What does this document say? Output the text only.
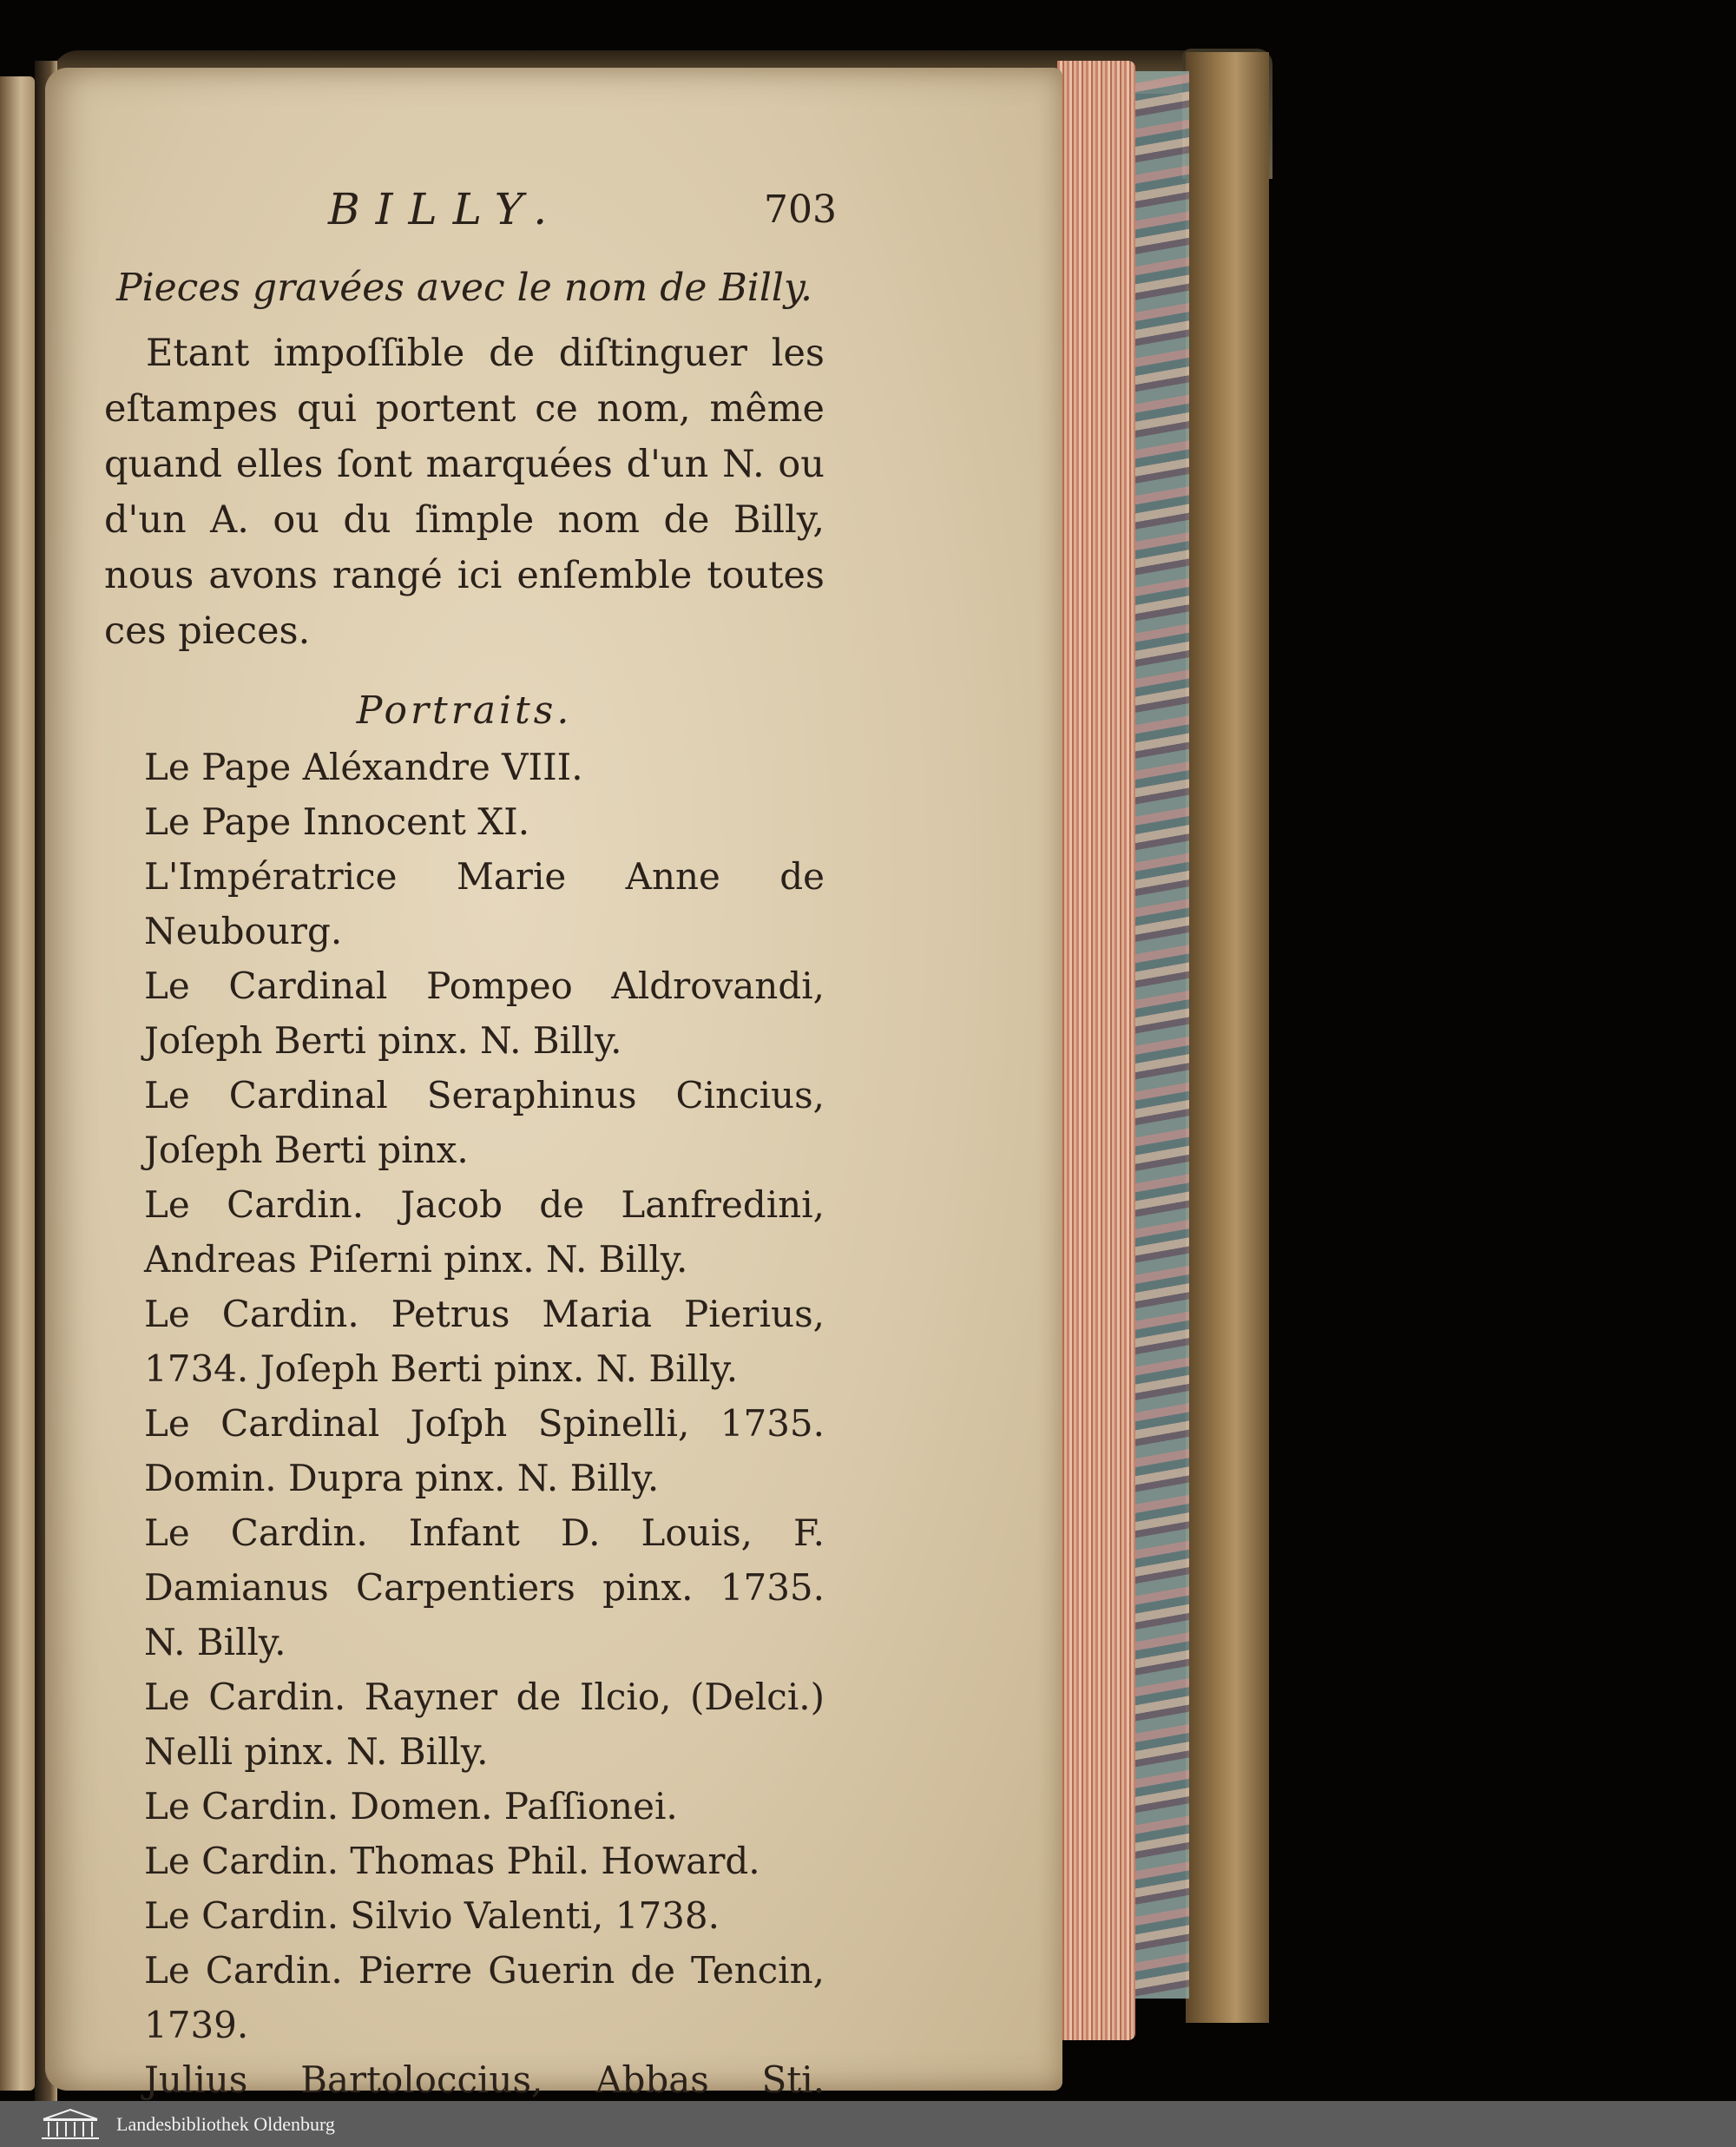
BILLY.	703
Pieces gravées avec le nom de Billy.

Etant impoſſible de diſtinguer les eſtampes qui portent ce nom, même quand elles ſont marquées d'un N. ou d'un A. ou du ſimple nom de Billy, nous avons rangé ici enſemble toutes ces pieces.

Portraits.
Le Pape Aléxandre VIII.
Le Pape Innocent XI.
L'Impératrice Marie Anne de Neubourg.
Le Cardinal Pompeo Aldrovandi, Joſeph Berti pinx. N. Billy.
Le Cardinal Seraphinus Cincius, Joſeph Berti pinx.
Le Cardin. Jacob de Lanfredini, Andreas Piſerni pinx. N. Billy.
Le Cardin. Petrus Maria Pierius, 1734. Joſeph Berti pinx. N. Billy.
Le Cardinal Joſph Spinelli, 1735. Domin. Dupra pinx. N. Billy.
Le Cardin. Infant D. Louis, F. Damianus Carpentiers pinx. 1735. N. Billy.
Le Cardin. Rayner de Ilcio, (Delci.) Nelli pinx. N. Billy.
Le Cardin. Domen. Paſſionei.
Le Cardin. Thomas Phil. Howard.
Le Cardin. Silvio Valenti, 1738.
Le Cardin. Pierre Guerin de Tencin, 1739.
Julius Bartoloccius, Abbas Sti.
Landesbibliothek Oldenburg
